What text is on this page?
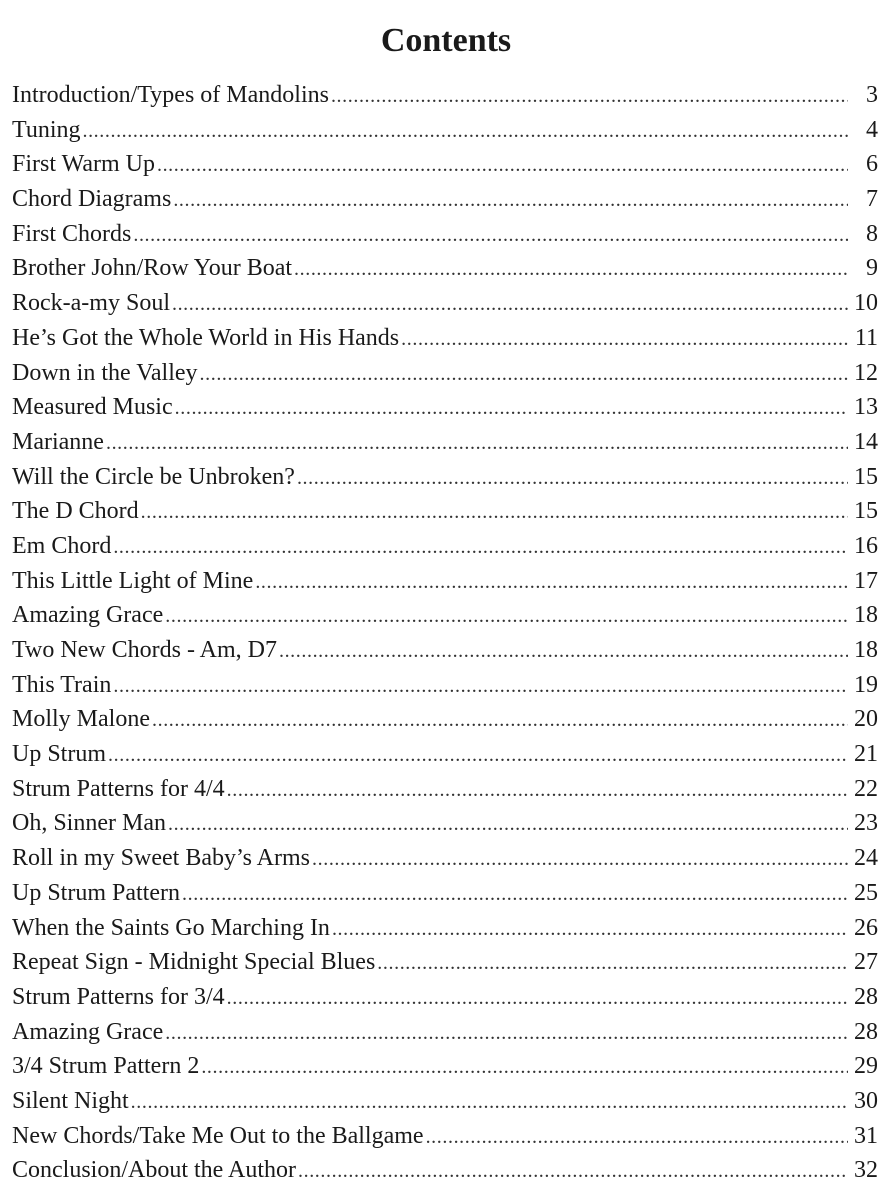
Contents
Introduction/Types of Mandolins . . .	3
Tuning . . .	4
First Warm Up . . .	6
Chord Diagrams . . .	7
First Chords . . .	8
Brother John/Row Your Boat . . .	9
Rock-a-my Soul . . .	10
He’s Got the Whole World in His Hands . . .	11
Down in the Valley . . .	12
Measured Music . . .	13
Marianne . . .	14
Will the Circle be Unbroken? . . .	15
The D Chord . . .	15
Em Chord . . .	16
This Little Light of Mine . . .	17
Amazing Grace . . .	18
Two New Chords - Am, D7 . . .	18
This Train . . .	19
Molly Malone . . .	20
Up Strum . . .	21
Strum Patterns for 4/4 . . .	22
Oh, Sinner Man . . .	23
Roll in my Sweet Baby’s Arms . . .	24
Up Strum Pattern . . .	25
When the Saints Go Marching In . . .	26
Repeat Sign - Midnight Special Blues . . .	27
Strum Patterns for 3/4 . . .	28
Amazing Grace . . .	28
3/4 Strum Pattern 2 . . .	29
Silent Night . . .	30
New Chords/Take Me Out to the Ballgame . . .	31
Conclusion/About the Author . . .	32
